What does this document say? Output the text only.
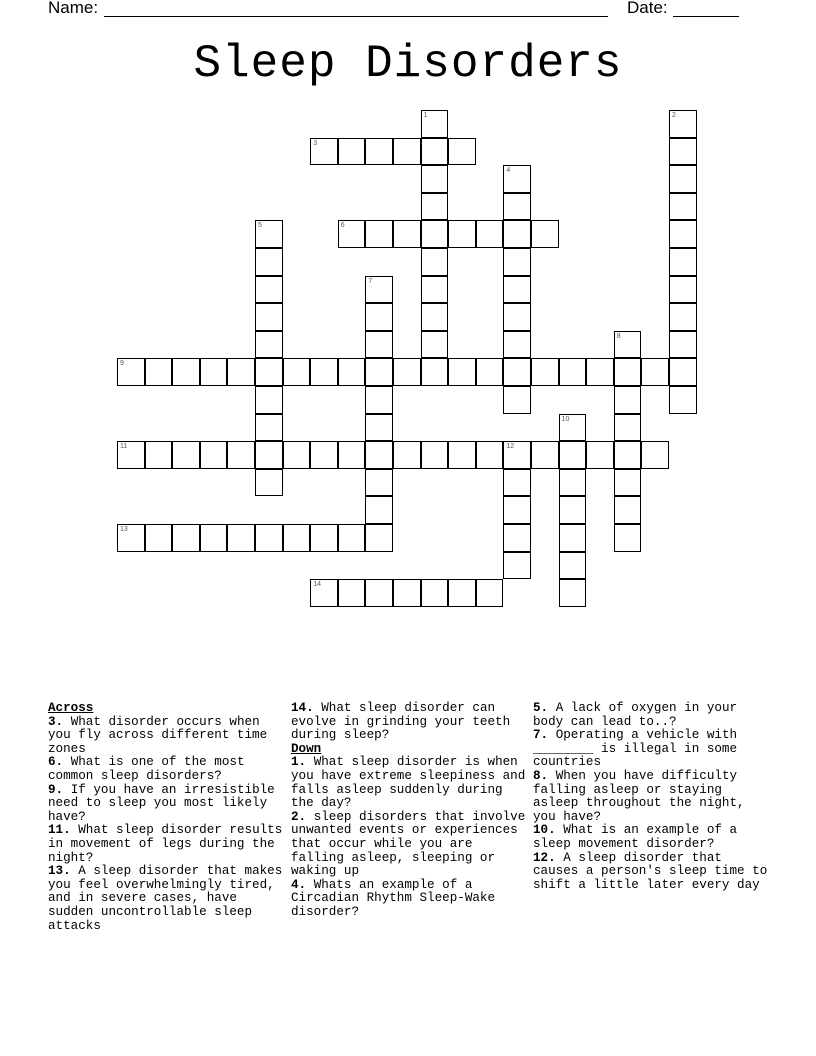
Name:	Date:
Sleep Disorders
1	2
3
4
5	6
7
8
9
10
11	12
13
14
Across
3. What disorder occurs when you fly across different time zones
6. What is one of the most common sleep disorders?
9. If you have an irresistible need to sleep you most likely have?
11. What sleep disorder results in movement of legs during the night?
13. A sleep disorder that makes you feel overwhelmingly tired, and in severe cases, have sudden uncontrollable sleep attacks
14. What sleep disorder can evolve in grinding your teeth during sleep?
Down
1. What sleep disorder is when you have extreme sleepiness and falls asleep suddenly during the day?
2. sleep disorders that involve unwanted events or experiences that occur while you are falling asleep, sleeping or waking up
4. Whats an example of a Circadian Rhythm Sleep-Wake disorder?
5. A lack of oxygen in your body can lead to..?
7. Operating a vehicle with ________ is illegal in some countries
8. When you have difficulty falling asleep or staying asleep throughout the night, you have?
10. What is an example of a sleep movement disorder?
12. A sleep disorder that causes a person's sleep time to shift a little later every day
